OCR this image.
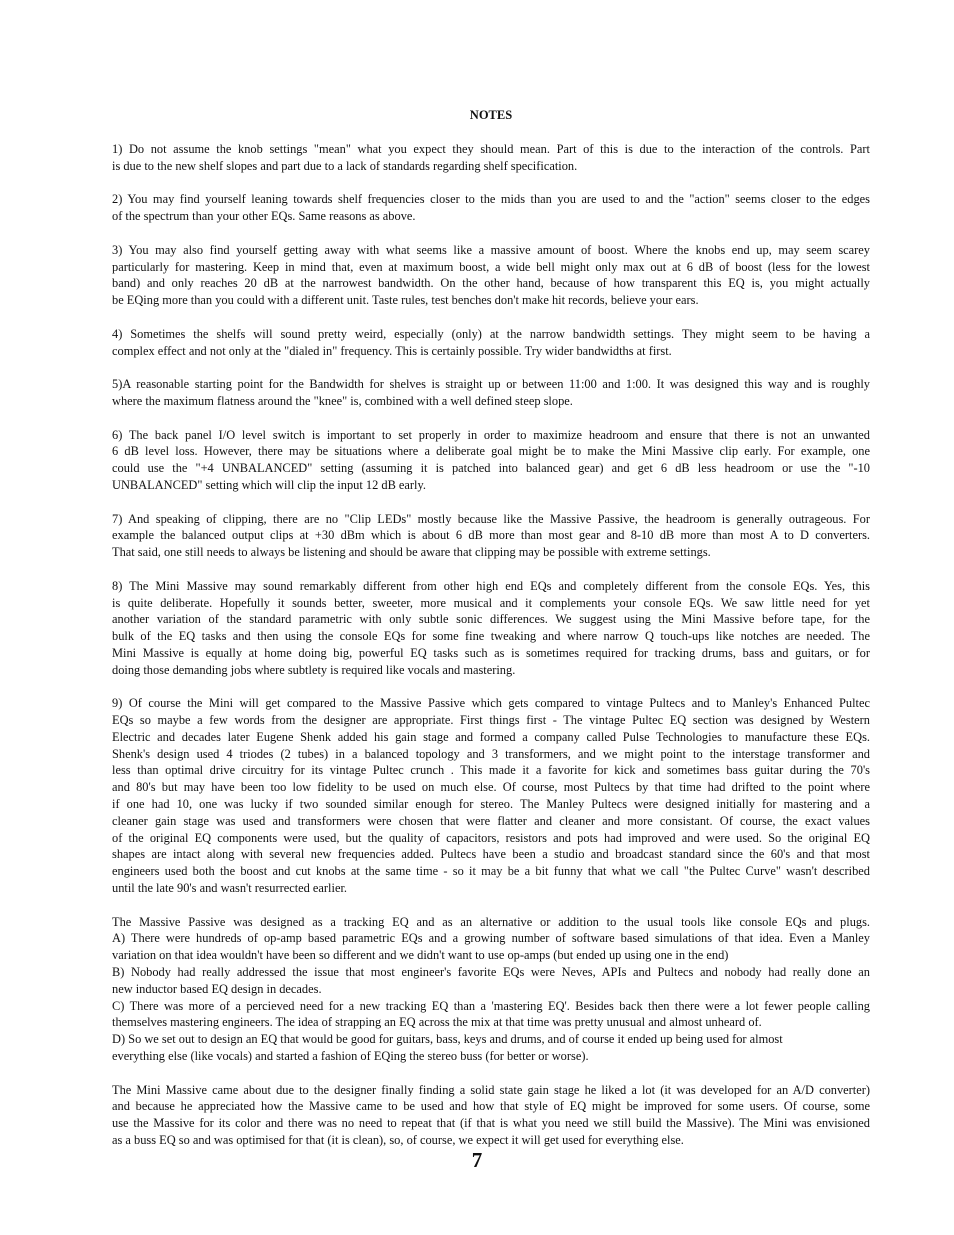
NOTES
1) Do not assume the knob settings "mean" what you expect they should mean. Part of this is due to the interaction of the controls. Part
is due to the new shelf slopes and part due to a lack of standards regarding shelf specification.
2) You may find yourself leaning towards shelf frequencies closer to the mids than you are used to and the "action" seems closer to the edges
of the spectrum than your other EQs. Same reasons as above.
3) You may also find yourself getting away with what seems like a massive amount of boost. Where the knobs end up, may seem scarey
particularly for mastering. Keep in mind that, even at maximum boost, a wide bell might only max out at 6 dB of boost (less for the lowest
band) and only reaches 20 dB at the narrowest bandwidth. On the other hand, because of how transparent this EQ is, you might actually
be EQing more than you could with a different unit. Taste rules, test benches don't make hit records, believe your ears.
4) Sometimes the shelfs will sound pretty weird, especially (only) at the narrow bandwidth settings. They might seem to be having a
complex effect and not only at the "dialed in" frequency. This is certainly possible. Try wider bandwidths at first.
5)A reasonable starting point for the Bandwidth for shelves is straight up or between 11:00 and 1:00. It was designed this way and is roughly
where the maximum flatness around the "knee" is, combined with a well defined steep slope.
6) The back panel I/O level switch is important to set properly in order to maximize headroom and ensure that there is not an unwanted
6 dB level loss. However, there may be situations where a deliberate goal might be to make the Mini Massive clip early. For example, one
could use the "+4 UNBALANCED" setting (assuming it is patched into balanced gear) and get 6 dB less headroom or use the "-10
UNBALANCED" setting which will clip the input 12 dB early.
7) And speaking of clipping, there are no "Clip LEDs" mostly because like the Massive Passive, the headroom is generally outrageous. For
example the balanced output clips at +30 dBm which is about 6 dB more than most gear and 8-10 dB more than most A to D converters.
That said, one still needs to always be listening and should be aware that clipping may be possible with extreme settings.
8) The Mini Massive may sound remarkably different from other high end EQs and completely different from the console EQs. Yes, this
is quite deliberate. Hopefully it sounds better, sweeter, more musical and it complements your console EQs. We saw little need for yet
another variation of the standard parametric with only subtle sonic differences. We suggest using the Mini Massive before tape, for the
bulk of the EQ tasks and then using the console EQs for some fine tweaking and where narrow Q touch-ups like notches are needed. The
Mini Massive is equally at home doing big, powerful EQ tasks such as is sometimes required for tracking drums, bass and guitars, or for
doing those demanding jobs where subtlety is required like vocals and mastering.
9) Of course the Mini will get compared to the Massive Passive which gets compared to vintage Pultecs and to Manley's Enhanced Pultec
EQs so maybe a few words from the designer are appropriate. First things first - The vintage Pultec EQ section was designed by Western
Electric and decades later Eugene Shenk added his gain stage and formed a company called Pulse Technologies to manufacture these EQs.
Shenk's design used 4 triodes (2 tubes) in a balanced topology and 3 transformers, and we might point to the interstage transformer and
less than optimal drive circuitry for its vintage Pultec crunch . This made it a favorite for kick and sometimes bass guitar during the 70's
and 80's but may have been too low fidelity to be used on much else. Of course, most Pultecs by that time had drifted to the point where
if one had 10, one was lucky if two sounded similar enough for stereo. The Manley Pultecs were designed initially for mastering and a
cleaner gain stage was used and transformers were chosen that were flatter and cleaner and more consistant. Of course, the exact values
of the original EQ components were used, but the quality of capacitors, resistors and pots had improved and were used. So the original EQ
shapes are intact along with several new frequencies added. Pultecs have been a studio and broadcast standard since the 60's and that most
engineers used both the boost and cut knobs at the same time - so it may be a bit funny that what we call "the Pultec Curve" wasn't described
until the late 90's and wasn't resurrected earlier.
The Massive Passive was designed as a tracking EQ and as an alternative or addition to the usual tools like console EQs and plugs.
A) There were hundreds of op-amp based parametric EQs and a growing number of software based simulations of that idea. Even a Manley
variation on that idea wouldn't have been so different and we didn't want to use op-amps (but ended up using one in the end)
B) Nobody had really addressed the issue that most engineer's favorite EQs were Neves, APIs and Pultecs and nobody had really done an
new inductor based EQ design in decades.
C) There was more of a percieved need for a new tracking EQ than a 'mastering EQ'. Besides back then there were a lot fewer people calling
themselves mastering engineers. The idea of strapping an EQ across the mix at that time was pretty unusual and almost unheard of.
D) So we set out to design an EQ that would be good for guitars, bass, keys and drums, and of course it ended up being used for almost
everything else (like vocals) and started a fashion of EQing the stereo buss (for better or worse).
The Mini Massive came about due to the designer finally finding a solid state gain stage he liked a lot (it was developed for an A/D converter)
and because he appreciated how the Massive came to be used and how that style of EQ might be improved for some users. Of course, some
use the Massive for its color and there was no need to repeat that (if that is what you need we still build the Massive). The Mini was envisioned
as a buss EQ so and was optimised for that (it is clean), so, of course, we expect it will get used for everything else.
7
